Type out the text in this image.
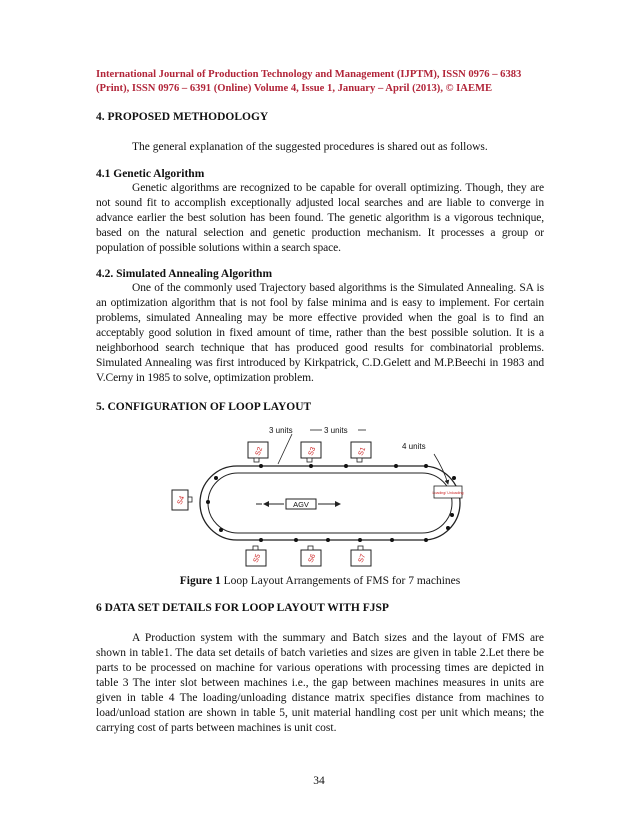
International Journal of Production Technology and Management (IJPTM), ISSN 0976 – 6383
(Print), ISSN 0976 – 6391 (Online) Volume 4, Issue 1, January – April (2013), © IAEME

4. PROPOSED METHODOLOGY

The general explanation of the suggested procedures is shared out as follows.

4.1 Genetic Algorithm

Genetic algorithms are recognized to be capable for overall optimizing. Though, they are not sound fit to accomplish exceptionally adjusted local searches and are liable to converge in advance earlier the best solution has been found. The genetic algorithm is a vigorous technique, based on the natural selection and genetic production mechanism. It processes a group or population of possible solutions within a search space.

4.2. Simulated Annealing Algorithm

One of the commonly used Trajectory based algorithms is the Simulated Annealing. SA is an optimization algorithm that is not fool by false minima and is easy to implement. For certain problems, simulated Annealing may be more effective provided when the goal is to find an acceptably good solution in fixed amount of time, rather than the best possible solution. It is a neighborhood search technique that has produced good results for combinatorial problems. Simulated Annealing was first introduced by Kirkpatrick, C.D.Gelett and M.P.Beechi in 1983 and V.Cerny in 1985 to solve, optimization problem.

5. CONFIGURATION OF LOOP LAYOUT
AGV
3 units	3 units
4 units
S2	S3	S1
S4
S5	S6	S7
Loading/ Unloading

Figure 1 Loop Layout Arrangements of FMS for 7 machines

6 DATA SET DETAILS FOR LOOP LAYOUT WITH FJSP

A Production system with the summary and Batch sizes and the layout of FMS are shown in table1. The data set details of batch varieties and sizes are given in table 2.Let there be parts to be processed on machine for various operations with processing times are depicted in table 3 The inter slot between machines i.e., the gap between machines measures in units are given in table 4 The loading/unloading distance matrix specifies distance from machines to load/unload station are shown in table 5, unit material handling cost per unit which means; the carrying cost of parts between machines is unit cost.

34
